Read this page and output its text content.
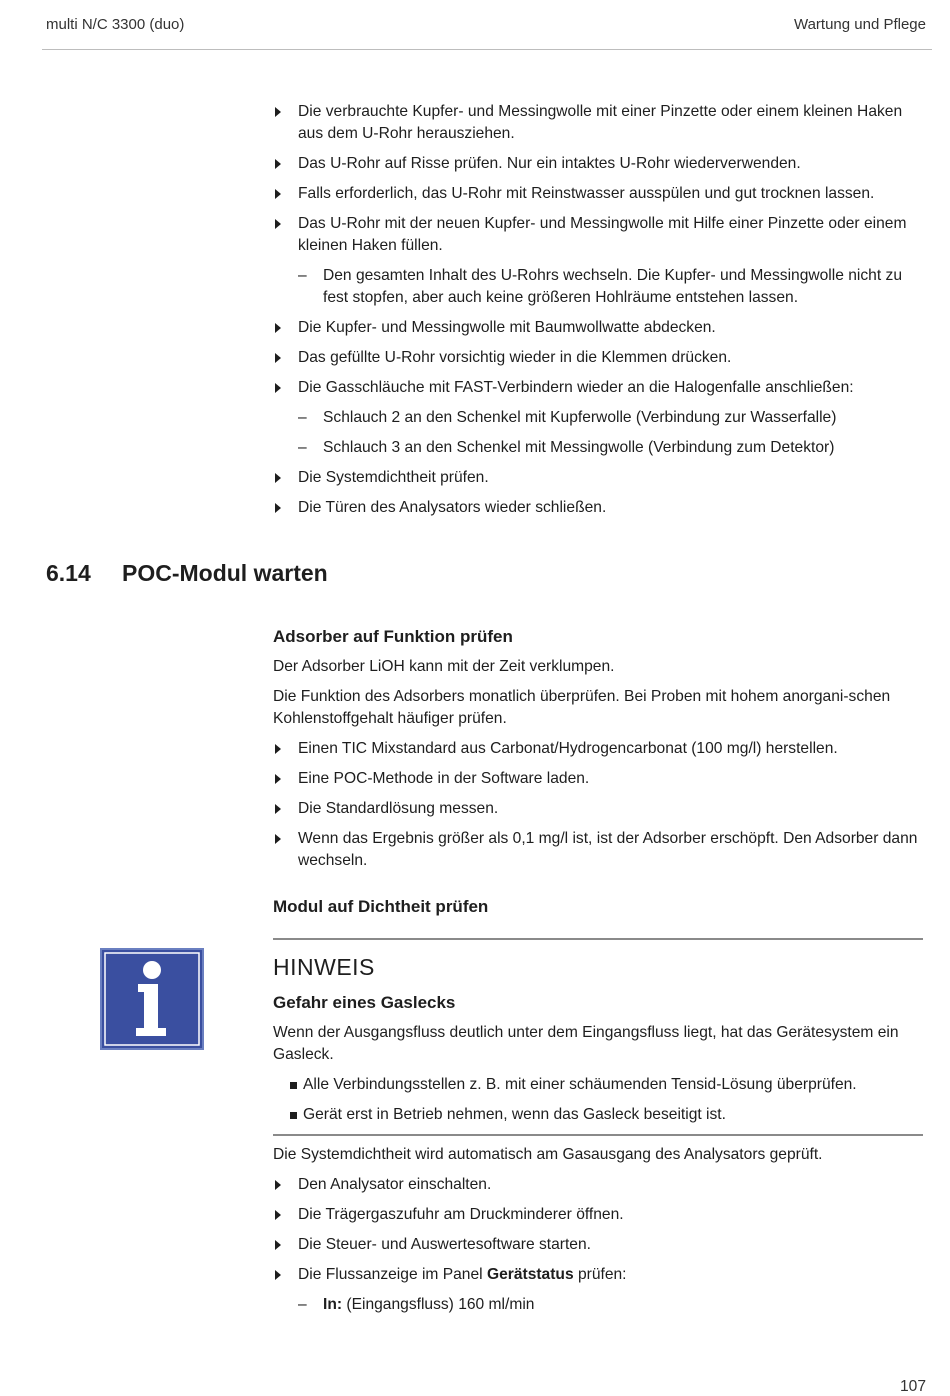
multi N/C 3300 (duo)	Wartung und Pflege
Die verbrauchte Kupfer- und Messingwolle mit einer Pinzette oder einem kleinen Haken aus dem U-Rohr herausziehen.
Das U-Rohr auf Risse prüfen. Nur ein intaktes U-Rohr wiederverwenden.
Falls erforderlich, das U-Rohr mit Reinstwasser ausspülen und gut trocknen lassen.
Das U-Rohr mit der neuen Kupfer- und Messingwolle mit Hilfe einer Pinzette oder einem kleinen Haken füllen.
– Den gesamten Inhalt des U-Rohrs wechseln. Die Kupfer- und Messingwolle nicht zu fest stopfen, aber auch keine größeren Hohlräume entstehen lassen.
Die Kupfer- und Messingwolle mit Baumwollwatte abdecken.
Das gefüllte U-Rohr vorsichtig wieder in die Klemmen drücken.
Die Gasschläuche mit FAST-Verbindern wieder an die Halogenfalle anschließen:
– Schlauch 2 an den Schenkel mit Kupferwolle (Verbindung zur Wasserfalle)
– Schlauch 3 an den Schenkel mit Messingwolle (Verbindung zum Detektor)
Die Systemdichtheit prüfen.
Die Türen des Analysators wieder schließen.
6.14 POC-Modul warten
Adsorber auf Funktion prüfen
Der Adsorber LiOH kann mit der Zeit verklumpen.
Die Funktion des Adsorbers monatlich überprüfen. Bei Proben mit hohem anorgani-schen Kohlenstoffgehalt häufiger prüfen.
Einen TIC Mixstandard aus Carbonat/Hydrogencarbonat (100 mg/l) herstellen.
Eine POC-Methode in der Software laden.
Die Standardlösung messen.
Wenn das Ergebnis größer als 0,1 mg/l ist, ist der Adsorber erschöpft. Den Adsorber dann wechseln.
Modul auf Dichtheit prüfen
HINWEIS
Gefahr eines Gaslecks
Wenn der Ausgangsfluss deutlich unter dem Eingangsfluss liegt, hat das Gerätesystem ein Gasleck.
Alle Verbindungsstellen z. B. mit einer schäumenden Tensid-Lösung überprüfen.
Gerät erst in Betrieb nehmen, wenn das Gasleck beseitigt ist.
Die Systemdichtheit wird automatisch am Gasausgang des Analysators geprüft.
Den Analysator einschalten.
Die Trägergaszufuhr am Druckminderer öffnen.
Die Steuer- und Auswertesoftware starten.
Die Flussanzeige im Panel Gerätstatus prüfen:
– In: (Eingangsfluss) 160 ml/min
107
